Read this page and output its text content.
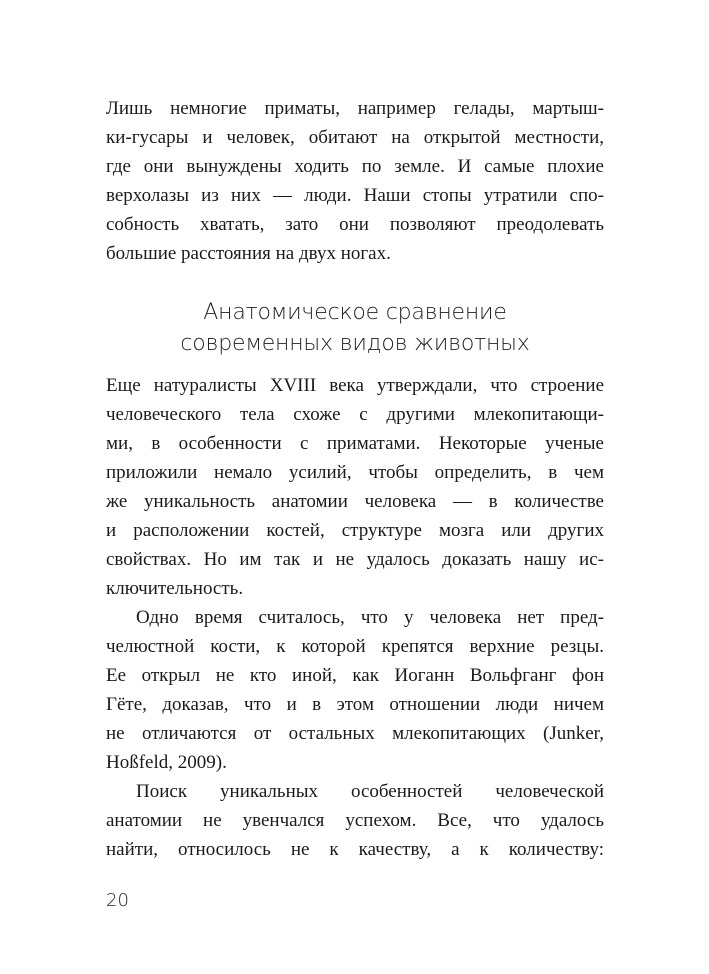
Лишь немногие приматы, например гелады, мартыш-
ки-гусары и человек, обитают на открытой местности,
где они вынуждены ходить по земле. И самые плохие
верхолазы из них — люди. Наши стопы утратили спо-
собность хватать, зато они позволяют преодолевать
большие расстояния на двух ногах.
Анатомическое сравнение
современных видов животных
Еще натуралисты XVIII века утверждали, что строение
человеческого тела схоже с другими млекопитающи-
ми, в особенности с приматами. Некоторые ученые
приложили немало усилий, чтобы определить, в чем
же уникальность анатомии человека — в количестве
и расположении костей, структуре мозга или других
свойствах. Но им так и не удалось доказать нашу ис-
ключительность.
Одно время считалось, что у человека нет пред-
челюстной кости, к которой крепятся верхние резцы.
Ее открыл не кто иной, как Иоганн Вольфганг фон
Гёте, доказав, что и в этом отношении люди ничем
не отличаются от остальных млекопитающих (Junker,
Hoßfeld, 2009).
Поиск уникальных особенностей человеческой
анатомии не увенчался успехом. Все, что удалось
найти, относилось не к качеству, а к количеству:
20
